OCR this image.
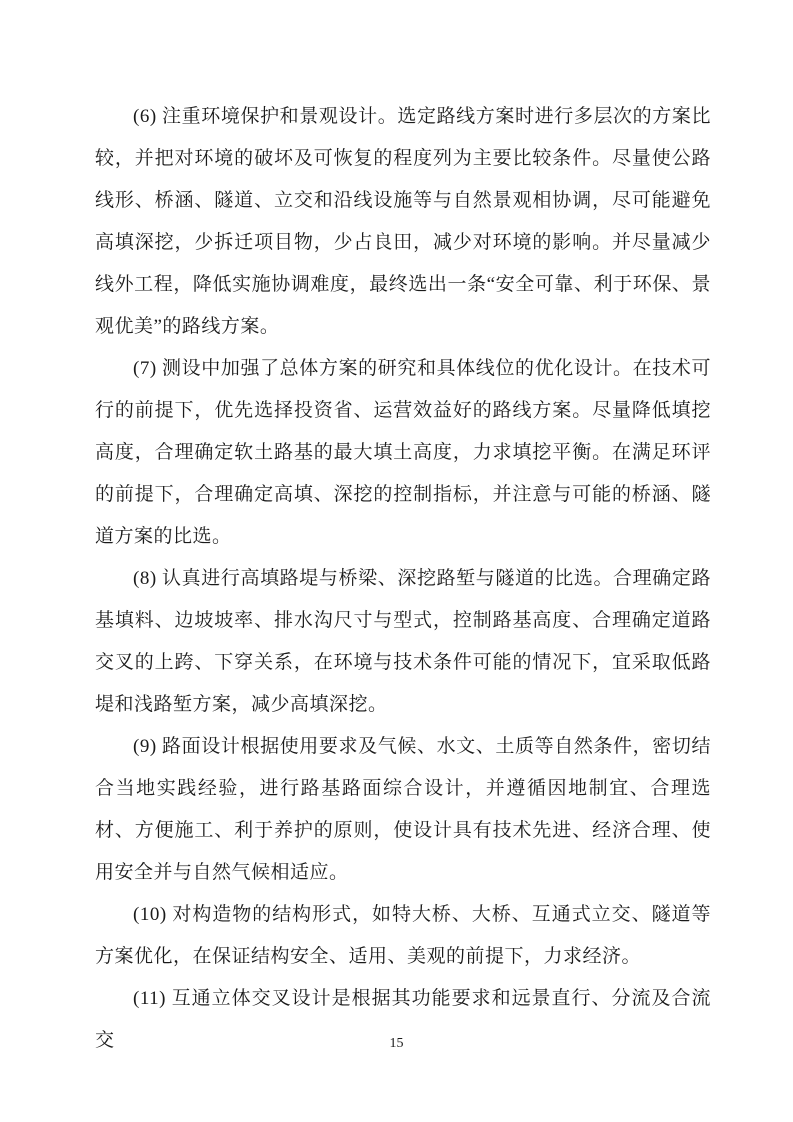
(6) 注重环境保护和景观设计。选定路线方案时进行多层次的方案比较，并把对环境的破坏及可恢复的程度列为主要比较条件。尽量使公路线形、桥涵、隧道、立交和沿线设施等与自然景观相协调，尽可能避免高填深挖，少拆迁项目物，少占良田，减少对环境的影响。并尽量减少线外工程，降低实施协调难度，最终选出一条“安全可靠、利于环保、景观优美”的路线方案。

(7) 测设中加强了总体方案的研究和具体线位的优化设计。在技术可行的前提下，优先选择投资省、运营效益好的路线方案。尽量降低填挖高度，合理确定软土路基的最大填土高度，力求填挖平衡。在满足环评的前提下，合理确定高填、深挖的控制指标，并注意与可能的桥涵、隧道方案的比选。

(8) 认真进行高填路堤与桥梁、深挖路堑与隧道的比选。合理确定路基填料、边坡坡率、排水沟尺寸与型式，控制路基高度、合理确定道路交叉的上跨、下穿关系，在环境与技术条件可能的情况下，宜采取低路堤和浅路堑方案，减少高填深挖。

(9) 路面设计根据使用要求及气候、水文、土质等自然条件，密切结合当地实践经验，进行路基路面综合设计，并遵循因地制宜、合理选材、方便施工、利于养护的原则，使设计具有技术先进、经济合理、使用安全并与自然气候相适应。

(10) 对构造物的结构形式，如特大桥、大桥、互通式立交、隧道等方案优化，在保证结构安全、适用、美观的前提下，力求经济。

(11) 互通立体交叉设计是根据其功能要求和远景直行、分流及合流交	15
